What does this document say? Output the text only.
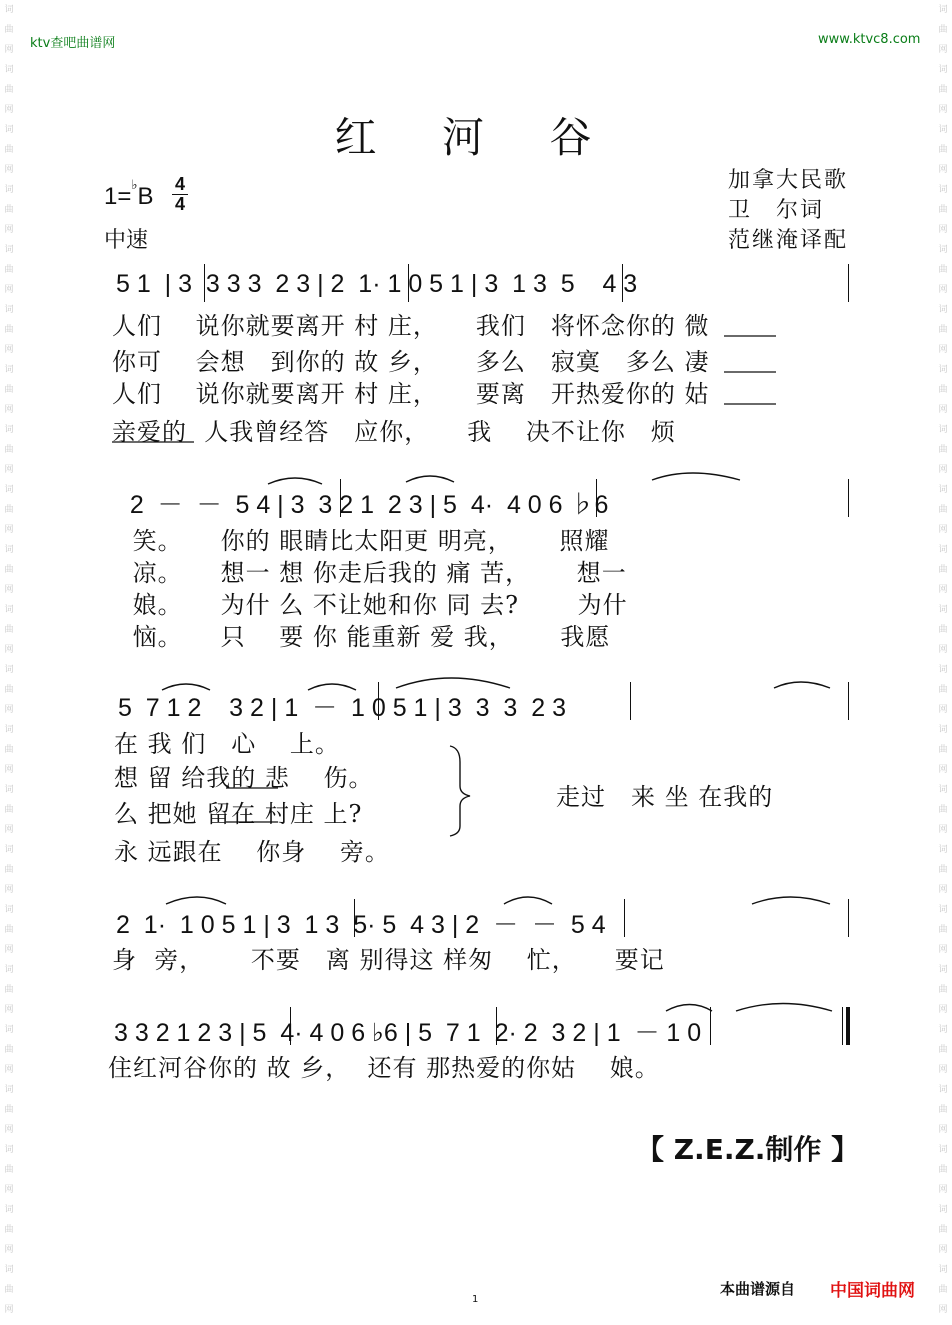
词曲网词曲网词曲网词曲网词曲网词曲网词曲网词曲网词曲网词曲网词曲网词曲网词曲网词曲网词曲网词曲网词曲网词曲网词曲网词曲网词曲网词曲网
词曲网词曲网词曲网词曲网词曲网词曲网词曲网词曲网词曲网词曲网词曲网词曲网词曲网词曲网词曲网词曲网词曲网词曲网词曲网词曲网词曲网词曲网
ktv查吧曲谱网	www.ktvc8.com
红 河 谷
1=♭B 4
4
中速
加拿大民歌
卫　尔词
范继淹译配
5 1  | 3  3 3 3  2 3 | 2  1· 1 0 5 1 | 3  1 3  5    4 3
人们　 说你就要离开 村 庄，　　我们　将怀念你的 微
你可　 会想　到你的 故 乡，　　多么　寂寞　多么 凄
人们　 说你就要离开 村 庄，　　要离　开热爱你的 姑
亲爱的  人我曾经答　应你，　　我　 决不让你　烦
2  －  －  5 4 | 3  3 2 1  2 3 | 5  4·  4 0 6 ♭6
笑。　　你的 眼睛比太阳更 明亮，　　 照耀
凉。　　想一 想 你走后我的 痛 苦，　　 想一
娘。　　为什 么 不让她和你 同 去?　　 为什
恼。　　只　 要 你 能重新 爱 我，　　 我愿
5  7 1 2    3 2 | 1  －  1 0 5 1 | 3  3  3  2 3
在 我 们　心　 上。
想 留 给我的 悲　 伤。
么 把她 留在 村庄 上?
永 远跟在　 你身　 旁。
走过　来 坐 在我的
2  1·  1 0 5 1 | 3  1 3  5· 5  4 3 | 2  －  －  5 4
身  旁，　　 不要　离 别得这 样匆　 忙，　　要记
3 3 2 1 2 3 | 5  4· 4 0 6 ♭6 | 5  7 1  2· 2  3 2 | 1  － 1 0
住红河谷你的 故 乡，  还有 那热爱的你姑　 娘。
【 Z.E.Z.制作 】
本曲谱源自 中国词曲网
1
